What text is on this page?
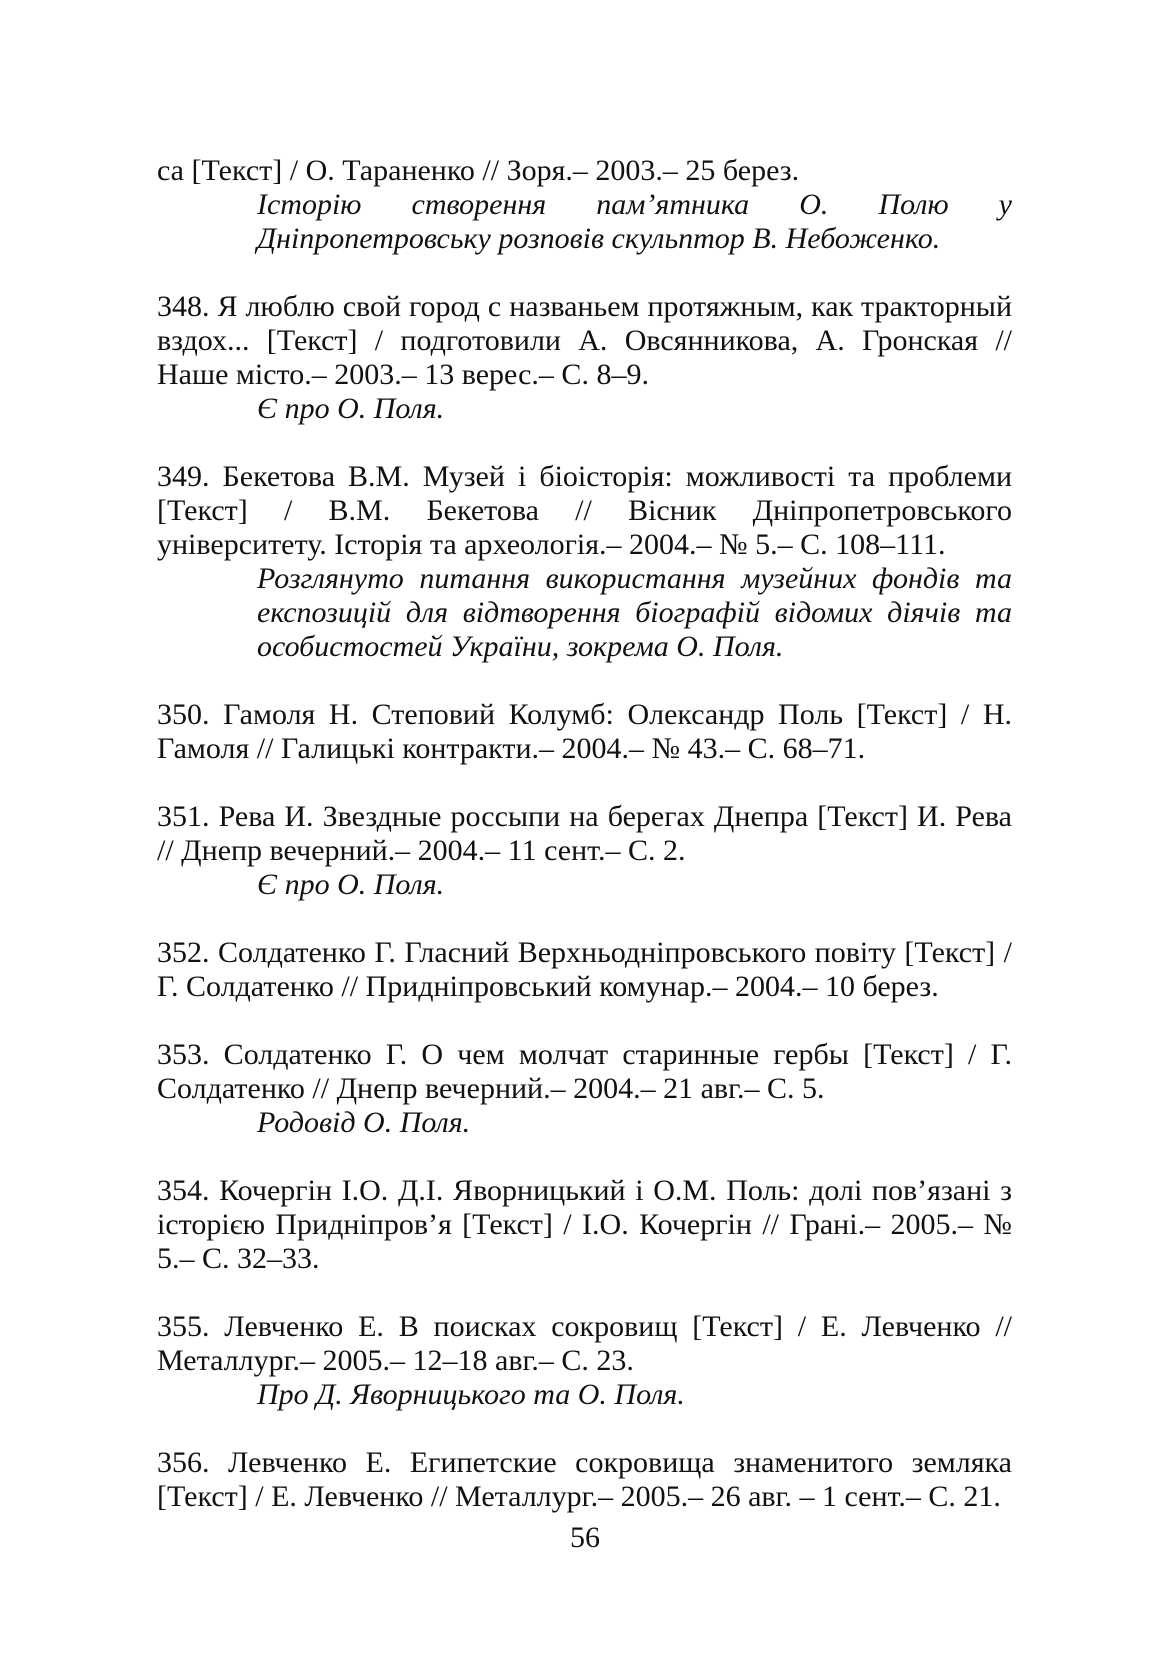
са [Текст] / О. Тараненко // Зоря.– 2003.– 25 берез.

Історію створення пам’ятника О. Полю у Дніпропетровську розповів скульптор В. Небоженко.

348. Я люблю свой город с названьем протяжным, как тракторный вздох... [Текст] / подготовили А. Овсянникова, А. Гронская // Наше місто.– 2003.– 13 верес.– С. 8–9.

Є про О. Поля.

349. Бекетова В.М. Музей і біоісторія: можливості та проблеми [Текст] / В.М. Бекетова // Вісник Дніпропетровського університету. Історія та археологія.– 2004.– № 5.– С. 108–111.

Розглянуто питання використання музейних фондів та експозицій для відтворення біографій відомих діячів та особистостей України, зокрема О. Поля.

350. Гамоля Н. Степовий Колумб: Олександр Поль [Текст] / Н. Гамоля // Галицькі контракти.– 2004.– № 43.– С. 68–71.

351. Рева И. Звездные россыпи на берегах Днепра [Текст] И. Рева // Днепр вечерний.– 2004.– 11 сент.– С. 2.

Є про О. Поля.

352. Солдатенко Г. Гласний Верхньодніпровського повіту [Текст] / Г. Солдатенко // Придніпровський комунар.– 2004.– 10 берез.

353. Солдатенко Г. О чем молчат старинные гербы [Текст] / Г. Солдатенко // Днепр вечерний.– 2004.– 21 авг.– С. 5.

Родовід О. Поля.

354. Кочергін І.О. Д.І. Яворницький і О.М. Поль: долі пов’язані з історією Придніпров’я [Текст] / І.О. Кочергін // Грані.– 2005.– № 5.– С. 32–33.

355. Левченко Е. В поисках сокровищ [Текст] / Е. Левченко // Металлург.– 2005.– 12–18 авг.– С. 23.

Про Д. Яворницького та О. Поля.

356. Левченко Е. Египетские сокровища знаменитого земляка [Текст] / Е. Левченко // Металлург.– 2005.– 26 авг. – 1 сент.– С. 21.

56
